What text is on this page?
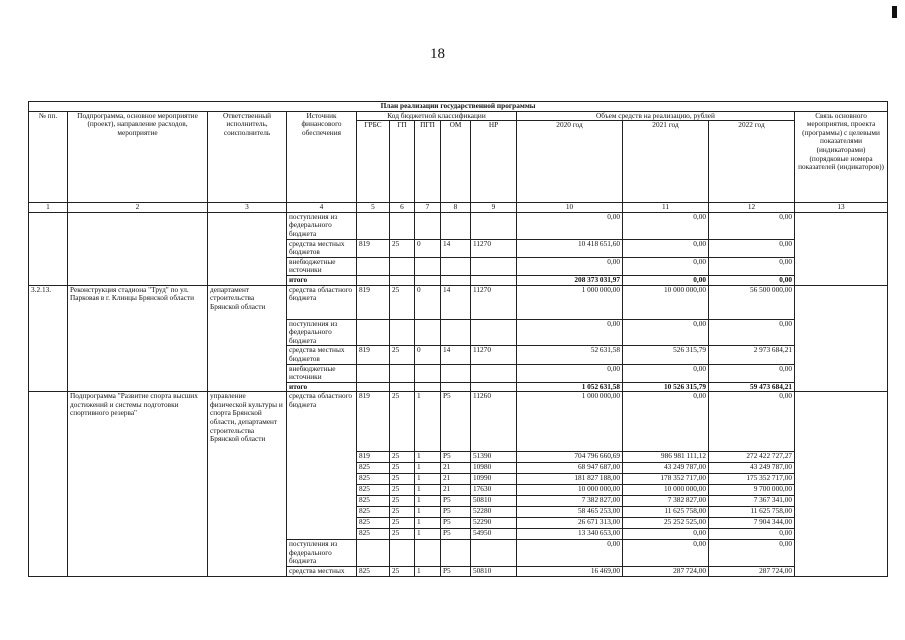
18
План реализации государственной программы												
№ пп.	Подпрограмма, основное мероприятие (проект), направление расходов, мероприятие	Ответственный исполнитель, соисполнитель	Источник финансового обеспечения	Код бюджетной классификации					Объем средств на реализацию, рублей			Связь основного мероприятия, проекта (программы) с целевыми показателями (индикаторами) (порядковые номера показателей (индикаторов))
				ГРБС	ГП	ПГП	ОМ	НР	2020 год	2021 год	2022 год	
1	2	3	4	5	6	7	8	9	10	11	12	13
			поступления из федерального бюджета						0,00	0,00	0,00	
			средства местных бюджетов	819	25	0	14	11270	10 418 651,60	0,00	0,00	
			внебюджетные источники						0,00	0,00	0,00	
			итого						208 373 031,97	0,00	0,00	
3.2.13.	Реконструкция стадиона "Труд" по ул. Парковая в г. Клинцы Брянской области	департамент строительства Брянской области	средства областного бюджета	819	25	0	14	11270	1 000 000,00	10 000 000,00	56 500 000,00	
			поступления из федерального бюджета						0,00	0,00	0,00	
			средства местных бюджетов	819	25	0	14	11270	52 631,58	526 315,79	2 973 684,21	
			внебюджетные источники						0,00	0,00	0,00	
			итого						1 052 631,58	10 526 315,79	59 473 684,21	
	Подпрограмма "Развитие спорта высших достижений и системы подготовки спортивного резерва"	управление физической культуры и спорта Брянской области, департамент строительства Брянской области	средства областного бюджета	819	25	1	P5	11260	1 000 000,00	0,00	0,00	
				819	25	1	P5	51390	704 796 660,69	986 981 111,12	272 422 727,27	
				825	25	1	21	10980	68 947 687,00	43 249 787,00	43 249 787,00	
				825	25	1	21	10990	181 827 188,00	178 352 717,00	175 352 717,00	
				825	25	1	21	17630	10 000 000,00	10 000 000,00	9 700 000,00	
				825	25	1	P5	50810	7 382 827,00	7 382 827,00	7 367 341,00	
				825	25	1	P5	52280	58 465 253,00	11 625 758,00	11 625 758,00	
				825	25	1	P5	52290	26 671 313,00	25 252 525,00	7 904 344,00	
				825	25	1	P5	54950	13 340 653,00	0,00	0,00	
			поступления из федерального бюджета						0,00	0,00	0,00	
			средства местных	825	25	1	P5	50810	16 469,00	287 724,00	287 724,00	
